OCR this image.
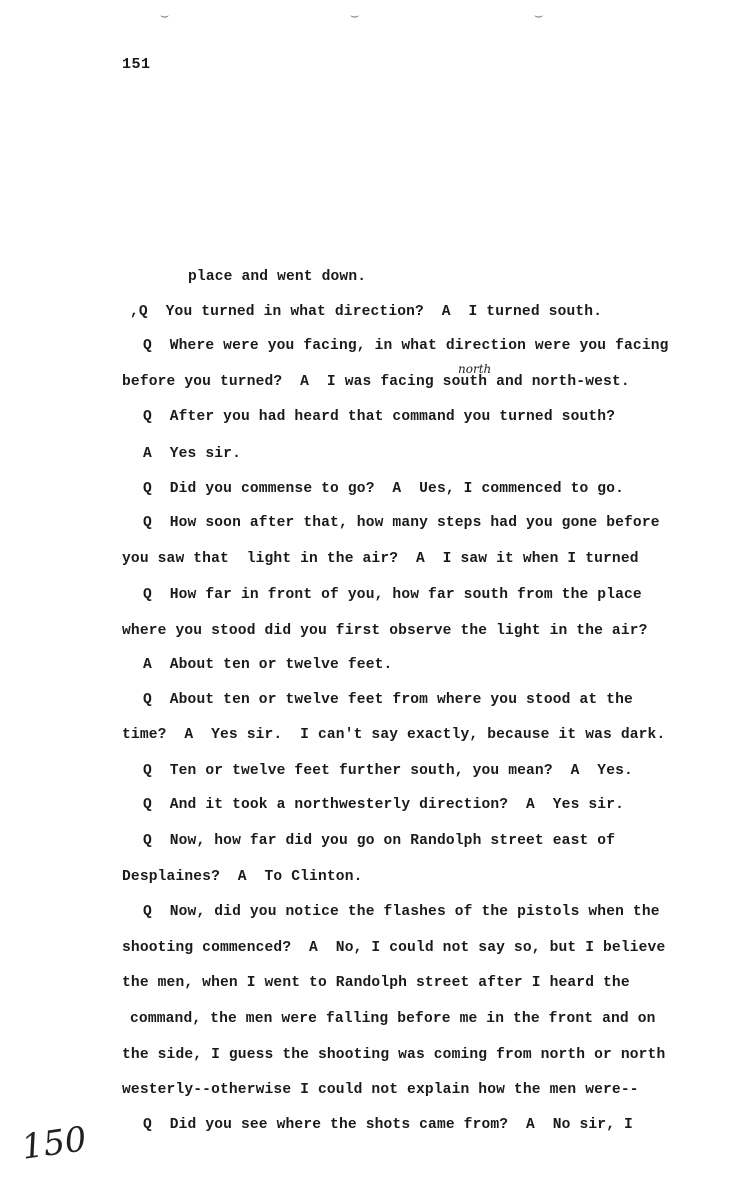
⌣	⌣	⌣
151
place and went down.
,Q  You turned in what direction?  A  I turned south.
Q  Where were you facing, in what direction were you facing
before you turned?  A  I was facing south and north-west.
north
Q  After you had heard that command you turned south?
A  Yes sir.
Q  Did you commense to go?  A  Ues, I commenced to go.
Q  How soon after that, how many steps had you gone before
you saw that  light in the air?  A  I saw it when I turned
Q  How far in front of you, how far south from the place
where you stood did you first observe the light in the air?
A  About ten or twelve feet.
Q  About ten or twelve feet from where you stood at the
time?  A  Yes sir.  I can't say exactly, because it was dark.
Q  Ten or twelve feet further south, you mean?  A  Yes.
Q  And it took a northwesterly direction?  A  Yes sir.
Q  Now, how far did you go on Randolph street east of
Desplaines?  A  To Clinton.
Q  Now, did you notice the flashes of the pistols when the
shooting commenced?  A  No, I could not say so, but I believe
the men, when I went to Randolph street after I heard the
command, the men were falling before me in the front and on
the side, I guess the shooting was coming from north or north
westerly--otherwise I could not explain how the men were--
Q  Did you see where the shots came from?  A  No sir, I
150
